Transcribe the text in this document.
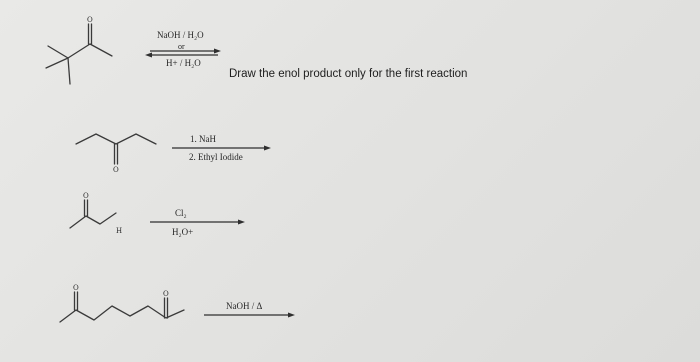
O
O
O
H
O
O
NaOH / H₂O
or
H+ / H₂O
1. NaH
2. Ethyl Iodide
Cl₂
H₂O+
NaOH / Δ
Draw the enol product only for the first reaction
